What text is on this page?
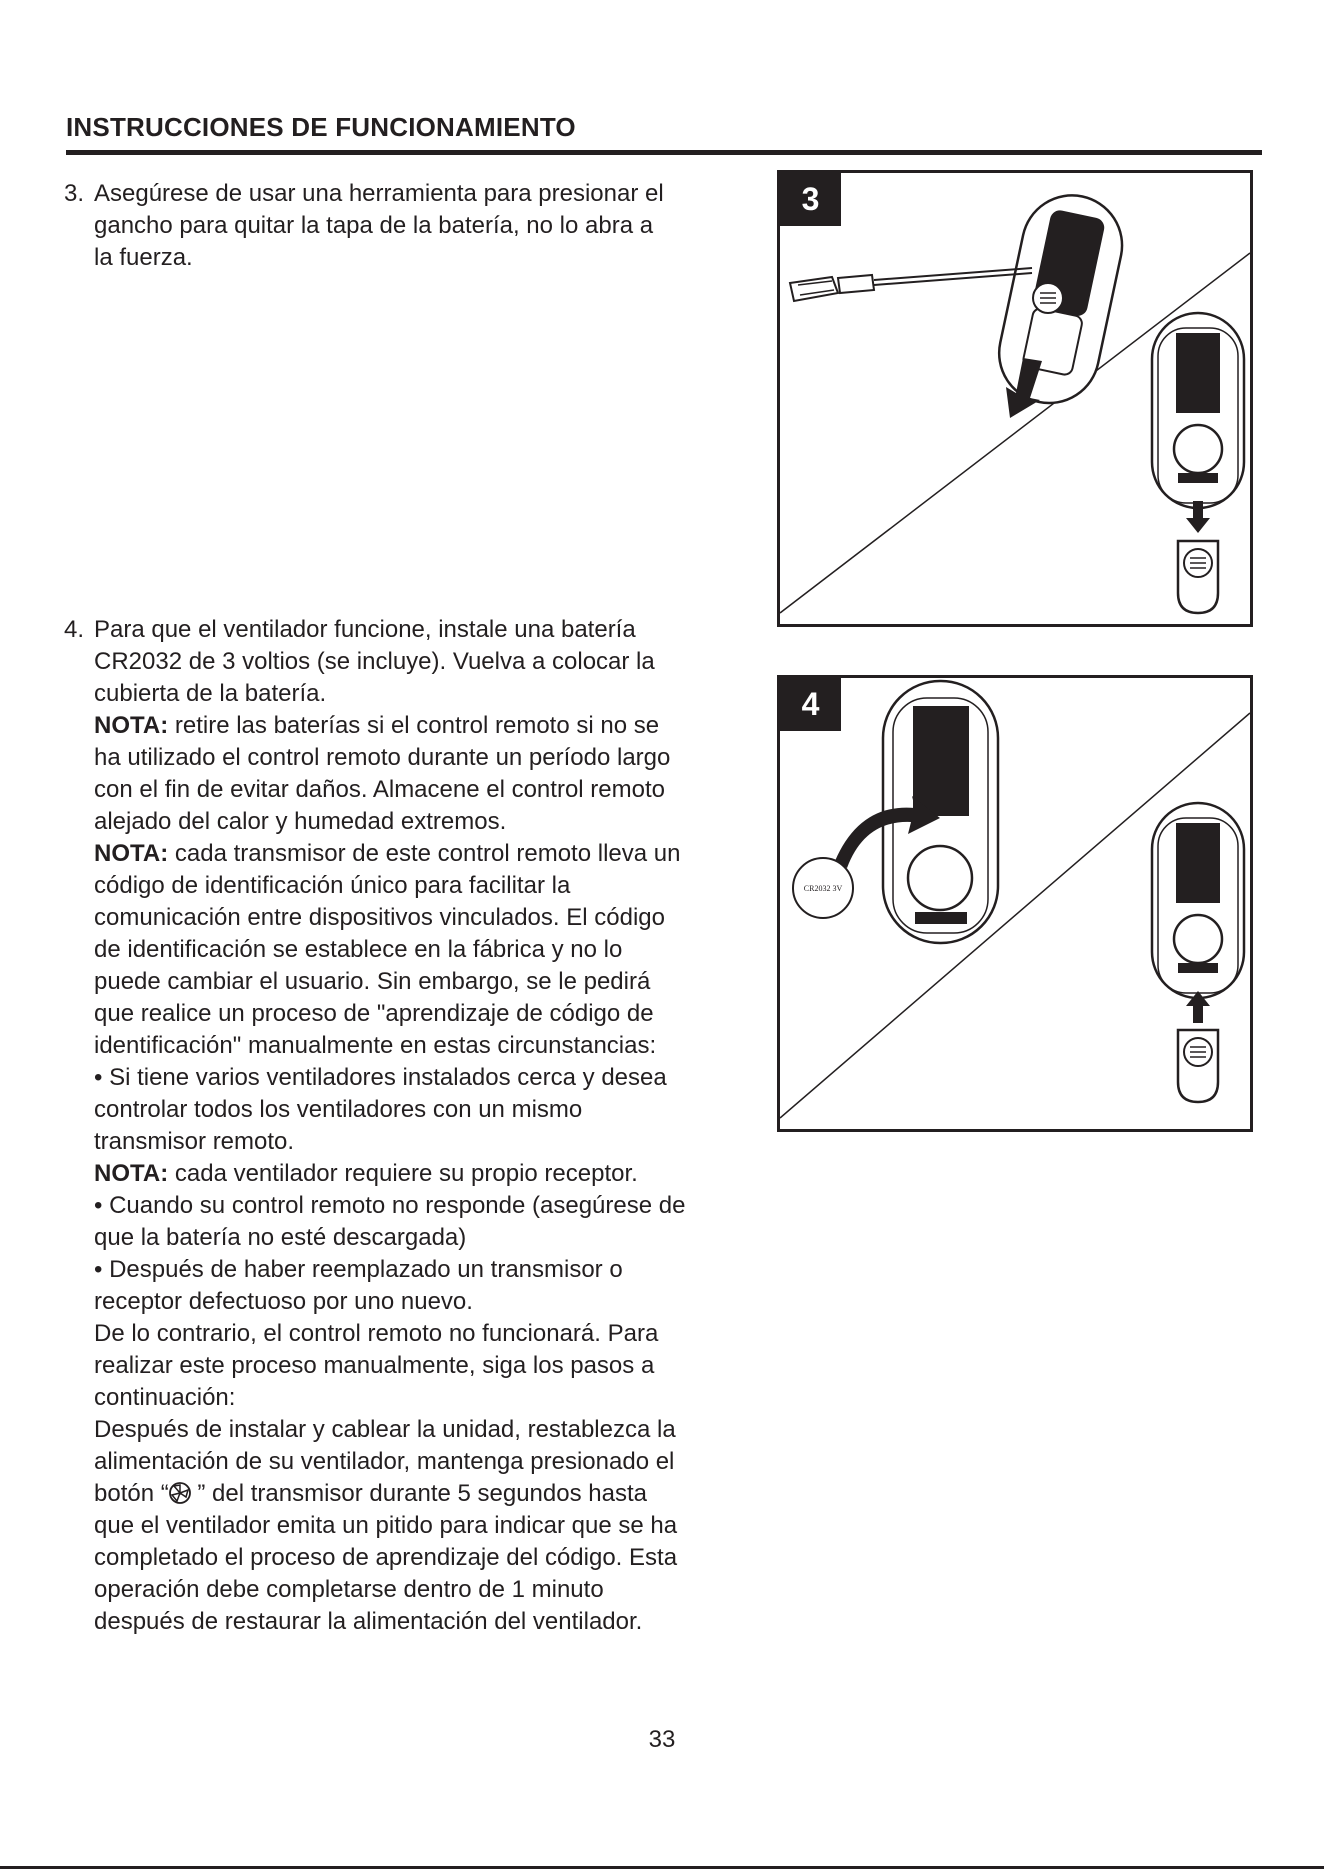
INSTRUCCIONES DE FUNCIONAMIENTO

3. Asegúrese de usar una herramienta para presionar el

gancho para quitar la tapa de la batería, no lo abra a

la fuerza.

4. Para que el ventilador funcione, instale una batería

CR2032 de 3 voltios (se incluye). Vuelva a colocar la

cubierta de la batería.

NOTA: retire las baterías si el control remoto si no se

ha utilizado el control remoto durante un período largo

con el fin de evitar daños. Almacene el control remoto

alejado del calor y humedad extremos.

NOTA: cada transmisor de este control remoto lleva un

código de identificación único para facilitar la

comunicación entre dispositivos vinculados. El código

de identificación se establece en la fábrica y no lo

puede cambiar el usuario. Sin embargo, se le pedirá

que realice un proceso de "aprendizaje de código de

identificación" manualmente en estas circunstancias:

• Si tiene varios ventiladores instalados cerca y desea

controlar todos los ventiladores con un mismo

transmisor remoto.

NOTA: cada ventilador requiere su propio receptor.

• Cuando su control remoto no responde (asegúrese de

que la batería no esté descargada)

• Después de haber reemplazado un transmisor o

receptor defectuoso por uno nuevo.

De lo contrario, el control remoto no funcionará. Para

realizar este proceso manualmente, siga los pasos a

continuación:

Después de instalar y cablear la unidad, restablezca la

alimentación de su ventilador, mantenga presionado el

botón “ ” del transmisor durante 5 segundos hasta

que el ventilador emita un pitido para indicar que se ha

completado el proceso de aprendizaje del código. Esta

operación debe completarse dentro de 1 minuto

después de restaurar la alimentación del ventilador.

3
CR2032 3V
4
33
